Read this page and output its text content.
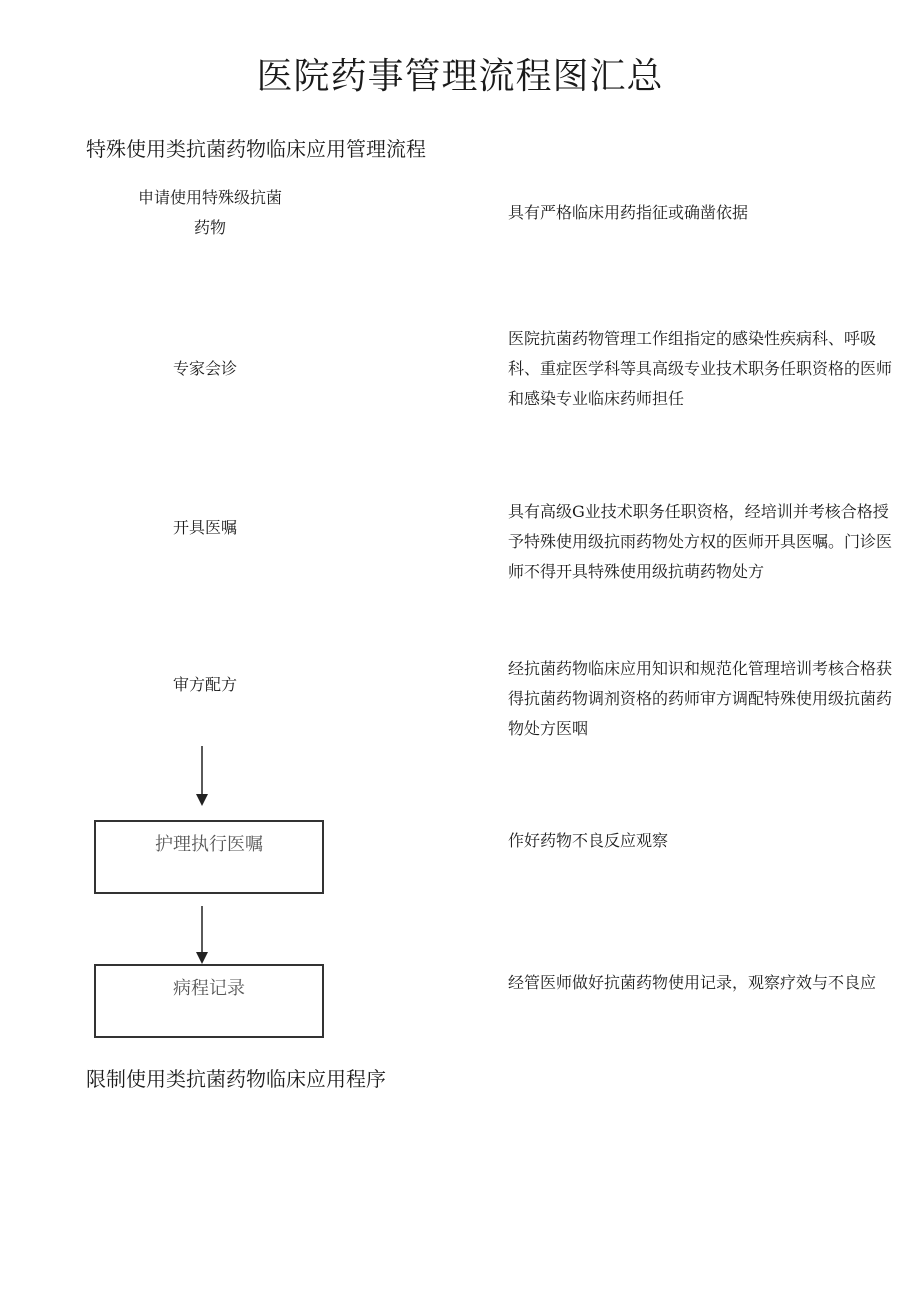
医院药事管理流程图汇总
特殊使用类抗菌药物临床应用管理流程
申请使用特殊级抗菌
药物
具有严格临床用药指征或确凿依据
专家会诊
医院抗菌药物管理工作组指定的感染性疾病科、呼吸科、重症医学科等具高级专业技术职务任职资格的医师和感染专业临床药师担任
开具医嘱
具有高级G业技术职务任职资格，经培训并考核合格授予特殊使用级抗雨药物处方权的医师开具医嘱。门诊医师不得开具特殊使用级抗萌药物处方
审方配方
经抗菌药物临床应用知识和规范化管理培训考核合格获得抗菌药物调剂资格的药师审方调配特殊使用级抗菌药物处方医咽
护理执行医嘱	作好药物不良反应观察
病程记录	经管医师做好抗菌药物使用记录，观察疗效与不良应
限制使用类抗菌药物临床应用程序
